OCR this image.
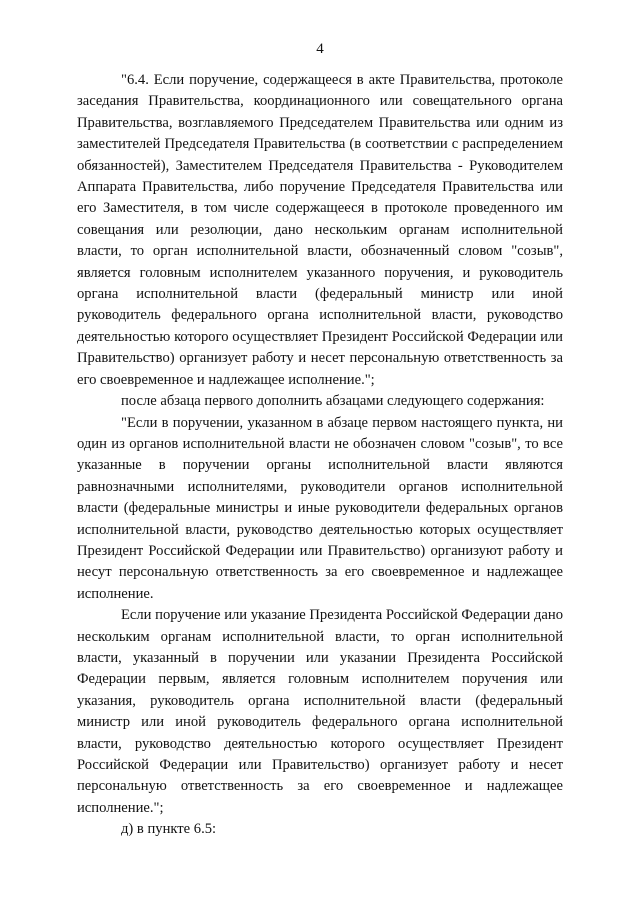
4

"6.4. Если поручение, содержащееся в акте Правительства, протоколе заседания Правительства, координационного или совещательного органа Правительства, возглавляемого Председателем Правительства или одним из заместителей Председателя Правительства (в соответствии с распределением обязанностей), Заместителем Председателя Правительства - Руководителем Аппарата Правительства, либо поручение Председателя Правительства или его Заместителя, в том числе содержащееся в протоколе проведенного им совещания или резолюции, дано нескольким органам исполнительной власти, то орган исполнительной власти, обозначенный словом "созыв", является головным исполнителем указанного поручения, и руководитель органа исполнительной власти (федеральный министр или иной руководитель федерального органа исполнительной власти, руководство деятельностью которого осуществляет Президент Российской Федерации или Правительство) организует работу и несет персональную ответственность за его своевременное и надлежащее исполнение.";

после абзаца первого дополнить абзацами следующего содержания:

"Если в поручении, указанном в абзаце первом настоящего пункта, ни один из органов исполнительной власти не обозначен словом "созыв", то все указанные в поручении органы исполнительной власти являются равнозначными исполнителями, руководители органов исполнительной власти (федеральные министры и иные руководители федеральных органов исполнительной власти, руководство деятельностью которых осуществляет Президент Российской Федерации или Правительство) организуют работу и несут персональную ответственность за его своевременное и надлежащее исполнение.

Если поручение или указание Президента Российской Федерации дано нескольким органам исполнительной власти, то орган исполнительной власти, указанный в поручении или указании Президента Российской Федерации первым, является головным исполнителем поручения или указания, руководитель органа исполнительной власти (федеральный министр или иной руководитель федерального органа исполнительной власти, руководство деятельностью которого осуществляет Президент Российской Федерации или Правительство) организует работу и несет персональную ответственность за его своевременное и надлежащее исполнение.";

д) в пункте 6.5:
